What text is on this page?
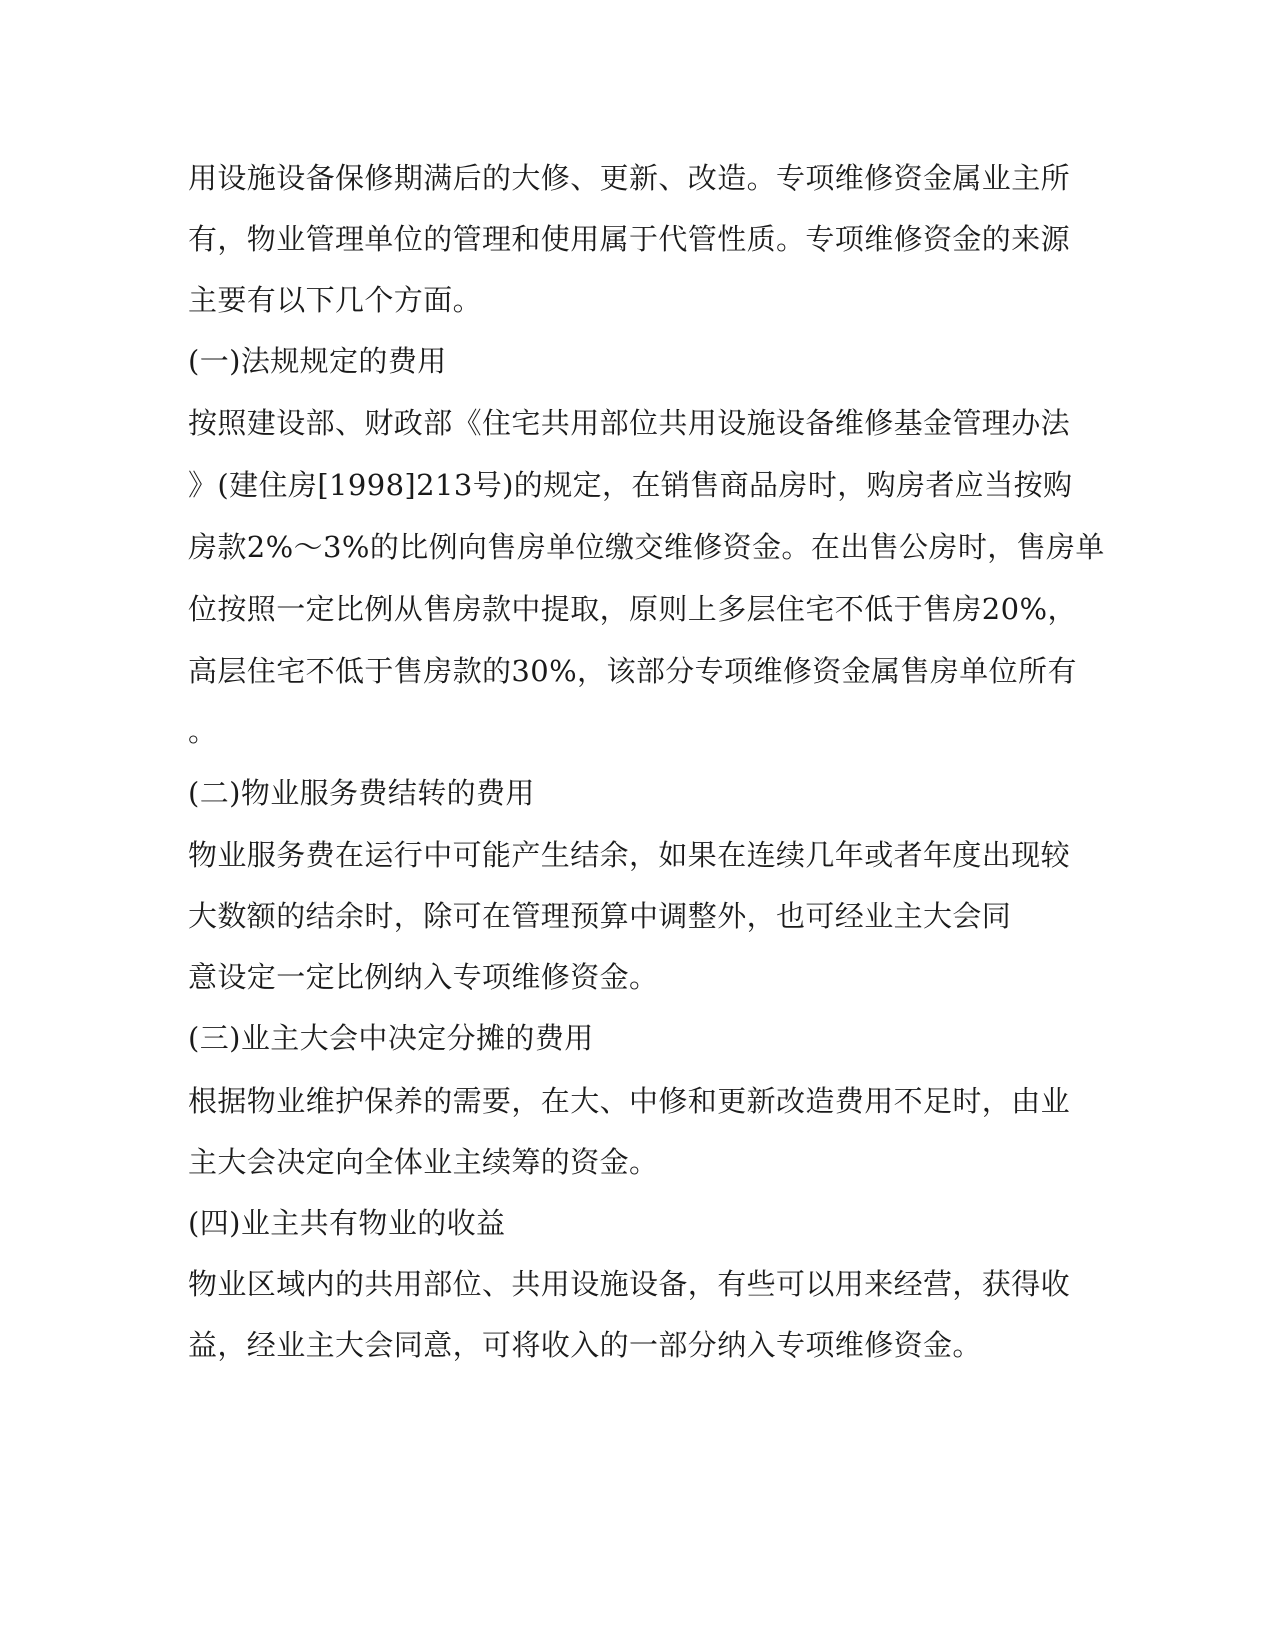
用设施设备保修期满后的大修、更新、改造。专项维修资金属业主所

有，物业管理单位的管理和使用属于代管性质。专项维修资金的来源

主要有以下几个方面。

(一)法规规定的费用

按照建设部、财政部《住宅共用部位共用设施设备维修基金管理办法

》(建住房[1998]213号)的规定，在销售商品房时，购房者应当按购

房款2%～3%的比例向售房单位缴交维修资金。在出售公房时，售房单

位按照一定比例从售房款中提取，原则上多层住宅不低于售房20%，

高层住宅不低于售房款的30%，该部分专项维修资金属售房单位所有

。

(二)物业服务费结转的费用

物业服务费在运行中可能产生结余，如果在连续几年或者年度出现较

大数额的结余时，除可在管理预算中调整外，也可经业主大会同

意设定一定比例纳入专项维修资金。

(三)业主大会中决定分摊的费用

根据物业维护保养的需要，在大、中修和更新改造费用不足时，由业

主大会决定向全体业主续筹的资金。

(四)业主共有物业的收益

物业区域内的共用部位、共用设施设备，有些可以用来经营，获得收

益，经业主大会同意，可将收入的一部分纳入专项维修资金。
